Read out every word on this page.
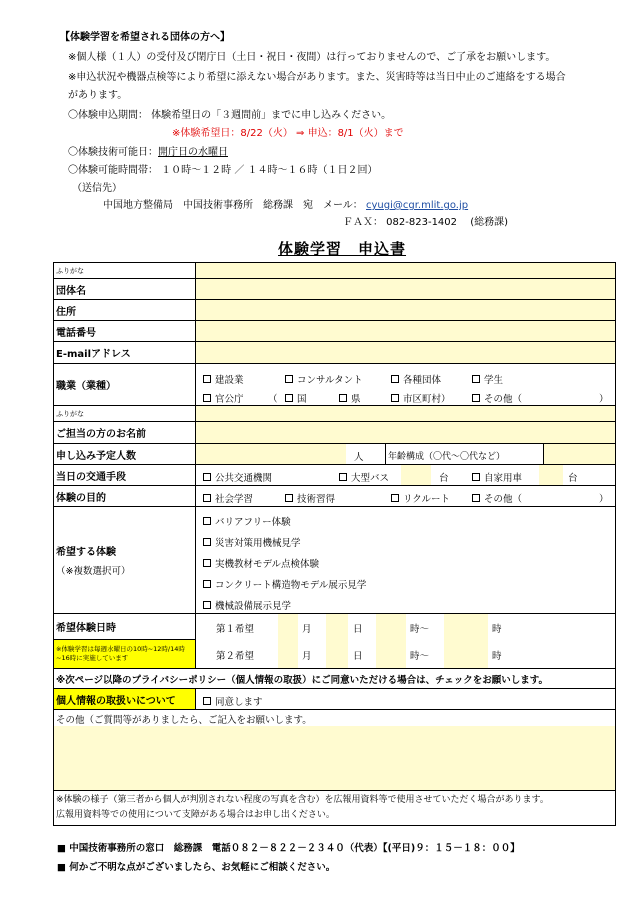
【体験学習を希望される団体の方へ】
※個人様（１人）の受付及び閉庁日（土日・祝日・夜間）は行っておりませんので、ご了承をお願いします。
※申込状況や機器点検等により希望に添えない場合があります。また、災害時等は当日中止のご連絡をする場合
があります。
〇体験申込期間： 体験希望日の「３週間前」までに申し込みください。
※体験希望日：8/22（火） ⇒ 申込：8/1（火）まで
〇体験技術可能日：開庁日の水曜日
〇体験可能時間帯： １０時～１２時 ／ １４時～１６時（１日２回）
（送信先）
中国地方整備局　中国技術事務所　総務課　宛　メール： cyugi@cgr.mlit.go.jp
ＦＡＸ： 082-823-1402 　(総務課)
体験学習　申込書
ふりがな
団体名
住所
電話番号
E-mailアドレス
職業（業種）
建設業	コンサルタント	各種団体	学生
官公庁	（ 国	県	市区町村）	その他（	）
ふりがな
ご担当の方のお名前
申し込み予定人数	人	年齢構成（〇代～〇代など）
当日の交通手段	公共交通機関	大型バス	台	自家用車	台
体験の目的	社会学習	技術習得	リクルート	その他（	）
希望する体験
（※複数選択可）
バリアフリー体験
災害対策用機械見学
実機教材モデル点検体験
コンクリート構造物モデル展示見学
機械設備展示見学
希望体験日時	第１希望	月	日	時～	時
※体験学習は毎週水曜日の10時~12時/14時~16時に実施しています	第２希望	月	日	時～	時
※次ページ以降のプライバシーポリシー（個人情報の取扱）にご同意いただける場合は、チェックをお願いします。
個人情報の取扱いについて	同意します
その他（ご質問等がありましたら、ご記入をお願いします。
※体験の様子（第三者から個人が判別されない程度の写真を含む）を広報用資料等で使用させていただく場合があります。
広報用資料等での使用について支障がある場合はお申し出ください。
■ 中国技術事務所の窓口　総務課　電話０８２－８２２－２３４０（代表）【(平日)９：１５－１８：００】
■ 何かご不明な点がございましたら、お気軽にご相談ください。
